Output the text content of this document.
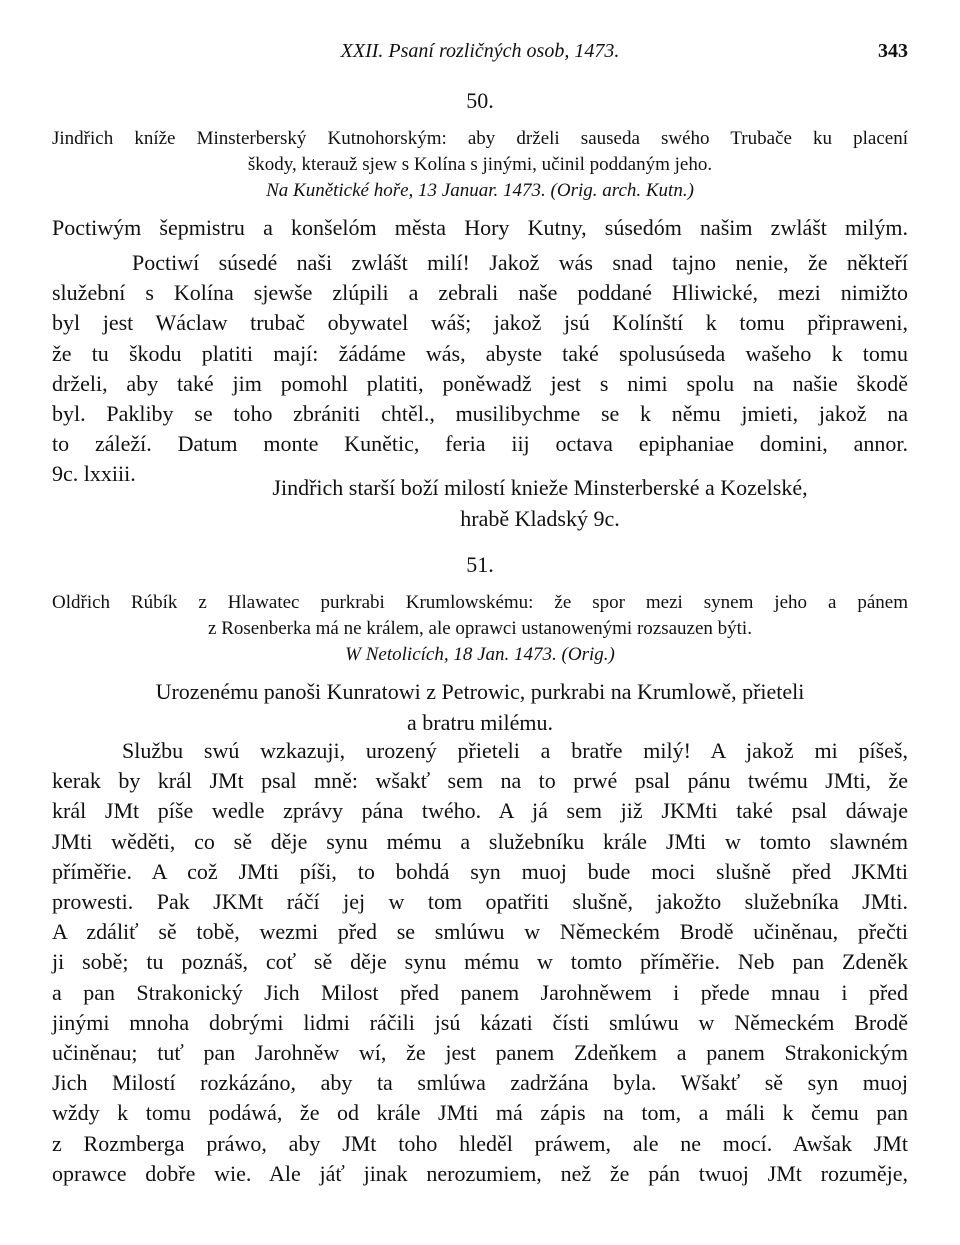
XXII. Psaní rozličných osob, 1473.	343
50.
Jindřich kníže Minsterberský Kutnohorským: aby drželi sauseda swého Trubače ku placení
škody, kterauž sjew s Kolína s jinými, učinil poddaným jeho.
Na Kunětické hoře, 13 Januar. 1473. (Orig. arch. Kutn.)
Poctiwým šepmistru a konšelóm města Hory Kutny, súsedóm našim zwlášt milým.
Poctiwí súsedé naši zwlášt milí! Jakož wás snad tajno nenie, že někteří
služební s Kolína sjewše zlúpili a zebrali naše poddané Hliwické, mezi nimižto
byl jest Wáclaw trubač obywatel wáš; jakož jsú Kolínští k tomu připraweni,
že tu škodu platiti mají: žádáme wás, abyste také spolusúseda wašeho k tomu
drželi, aby také jim pomohl platiti, poněwadž jest s nimi spolu na našie škodě
byl. Pakliby se toho zbrániti chtěl., musilibychme se k němu jmieti, jakož na
to záleží. Datum monte Kunětic, feria iij octava epiphaniae domini, annor.
9c. lxxiii.
Jindřich starší boží milostí knieže Minsterberské a Kozelské,
hrabě Kladský 9c.
51.
Oldřich Rúbík z Hlawatec purkrabi Krumlowskému: že spor mezi synem jeho a pánem
z Rosenberka má ne králem, ale oprawci ustanowenými rozsauzen býti.
W Netolicích, 18 Jan. 1473. (Orig.)
Urozenému panoši Kunratowi z Petrowic, purkrabi na Krumlowě, přieteli
a bratru milému.
Službu swú wzkazuji, urozený přieteli a bratře milý! A jakož mi píšeš,
kerak by král JMt psal mně: wšakť sem na to prwé psal pánu twému JMti, že
král JMt píše wedle zprávy pána twého. A já sem již JKMti také psal dáwaje
JMti wěděti, co sě děje synu mému a služebníku krále JMti w tomto slawném
příměřie. A což JMti píši, to bohdá syn muoj bude moci slušně před JKMti
prowesti. Pak JKMt ráčí jej w tom opatřiti slušně, jakožto služebníka JMti.
A zdáliť sě tobě, wezmi před se smlúwu w Německém Brodě učiněnau, přečti
ji sobě; tu poznáš, coť sě děje synu mému w tomto příměřie. Neb pan Zdeněk
a pan Strakonický Jich Milost před panem Jarohněwem i přede mnau i před
jinými mnoha dobrými lidmi ráčili jsú kázati čísti smlúwu w Německém Brodě
učiněnau; tuť pan Jarohněw wí, že jest panem Zdeňkem a panem Strakonickým
Jich Milostí rozkázáno, aby ta smlúwa zadržána byla. Wšakť sě syn muoj
wždy k tomu podáwá, že od krále JMti má zápis na tom, a máli k čemu pan
z Rozmberga práwo, aby JMt toho hleděl práwem, ale ne mocí. Awšak JMt
oprawce dobře wie. Ale jáť jinak nerozumiem, než že pán twuoj JMt rozuměje,
